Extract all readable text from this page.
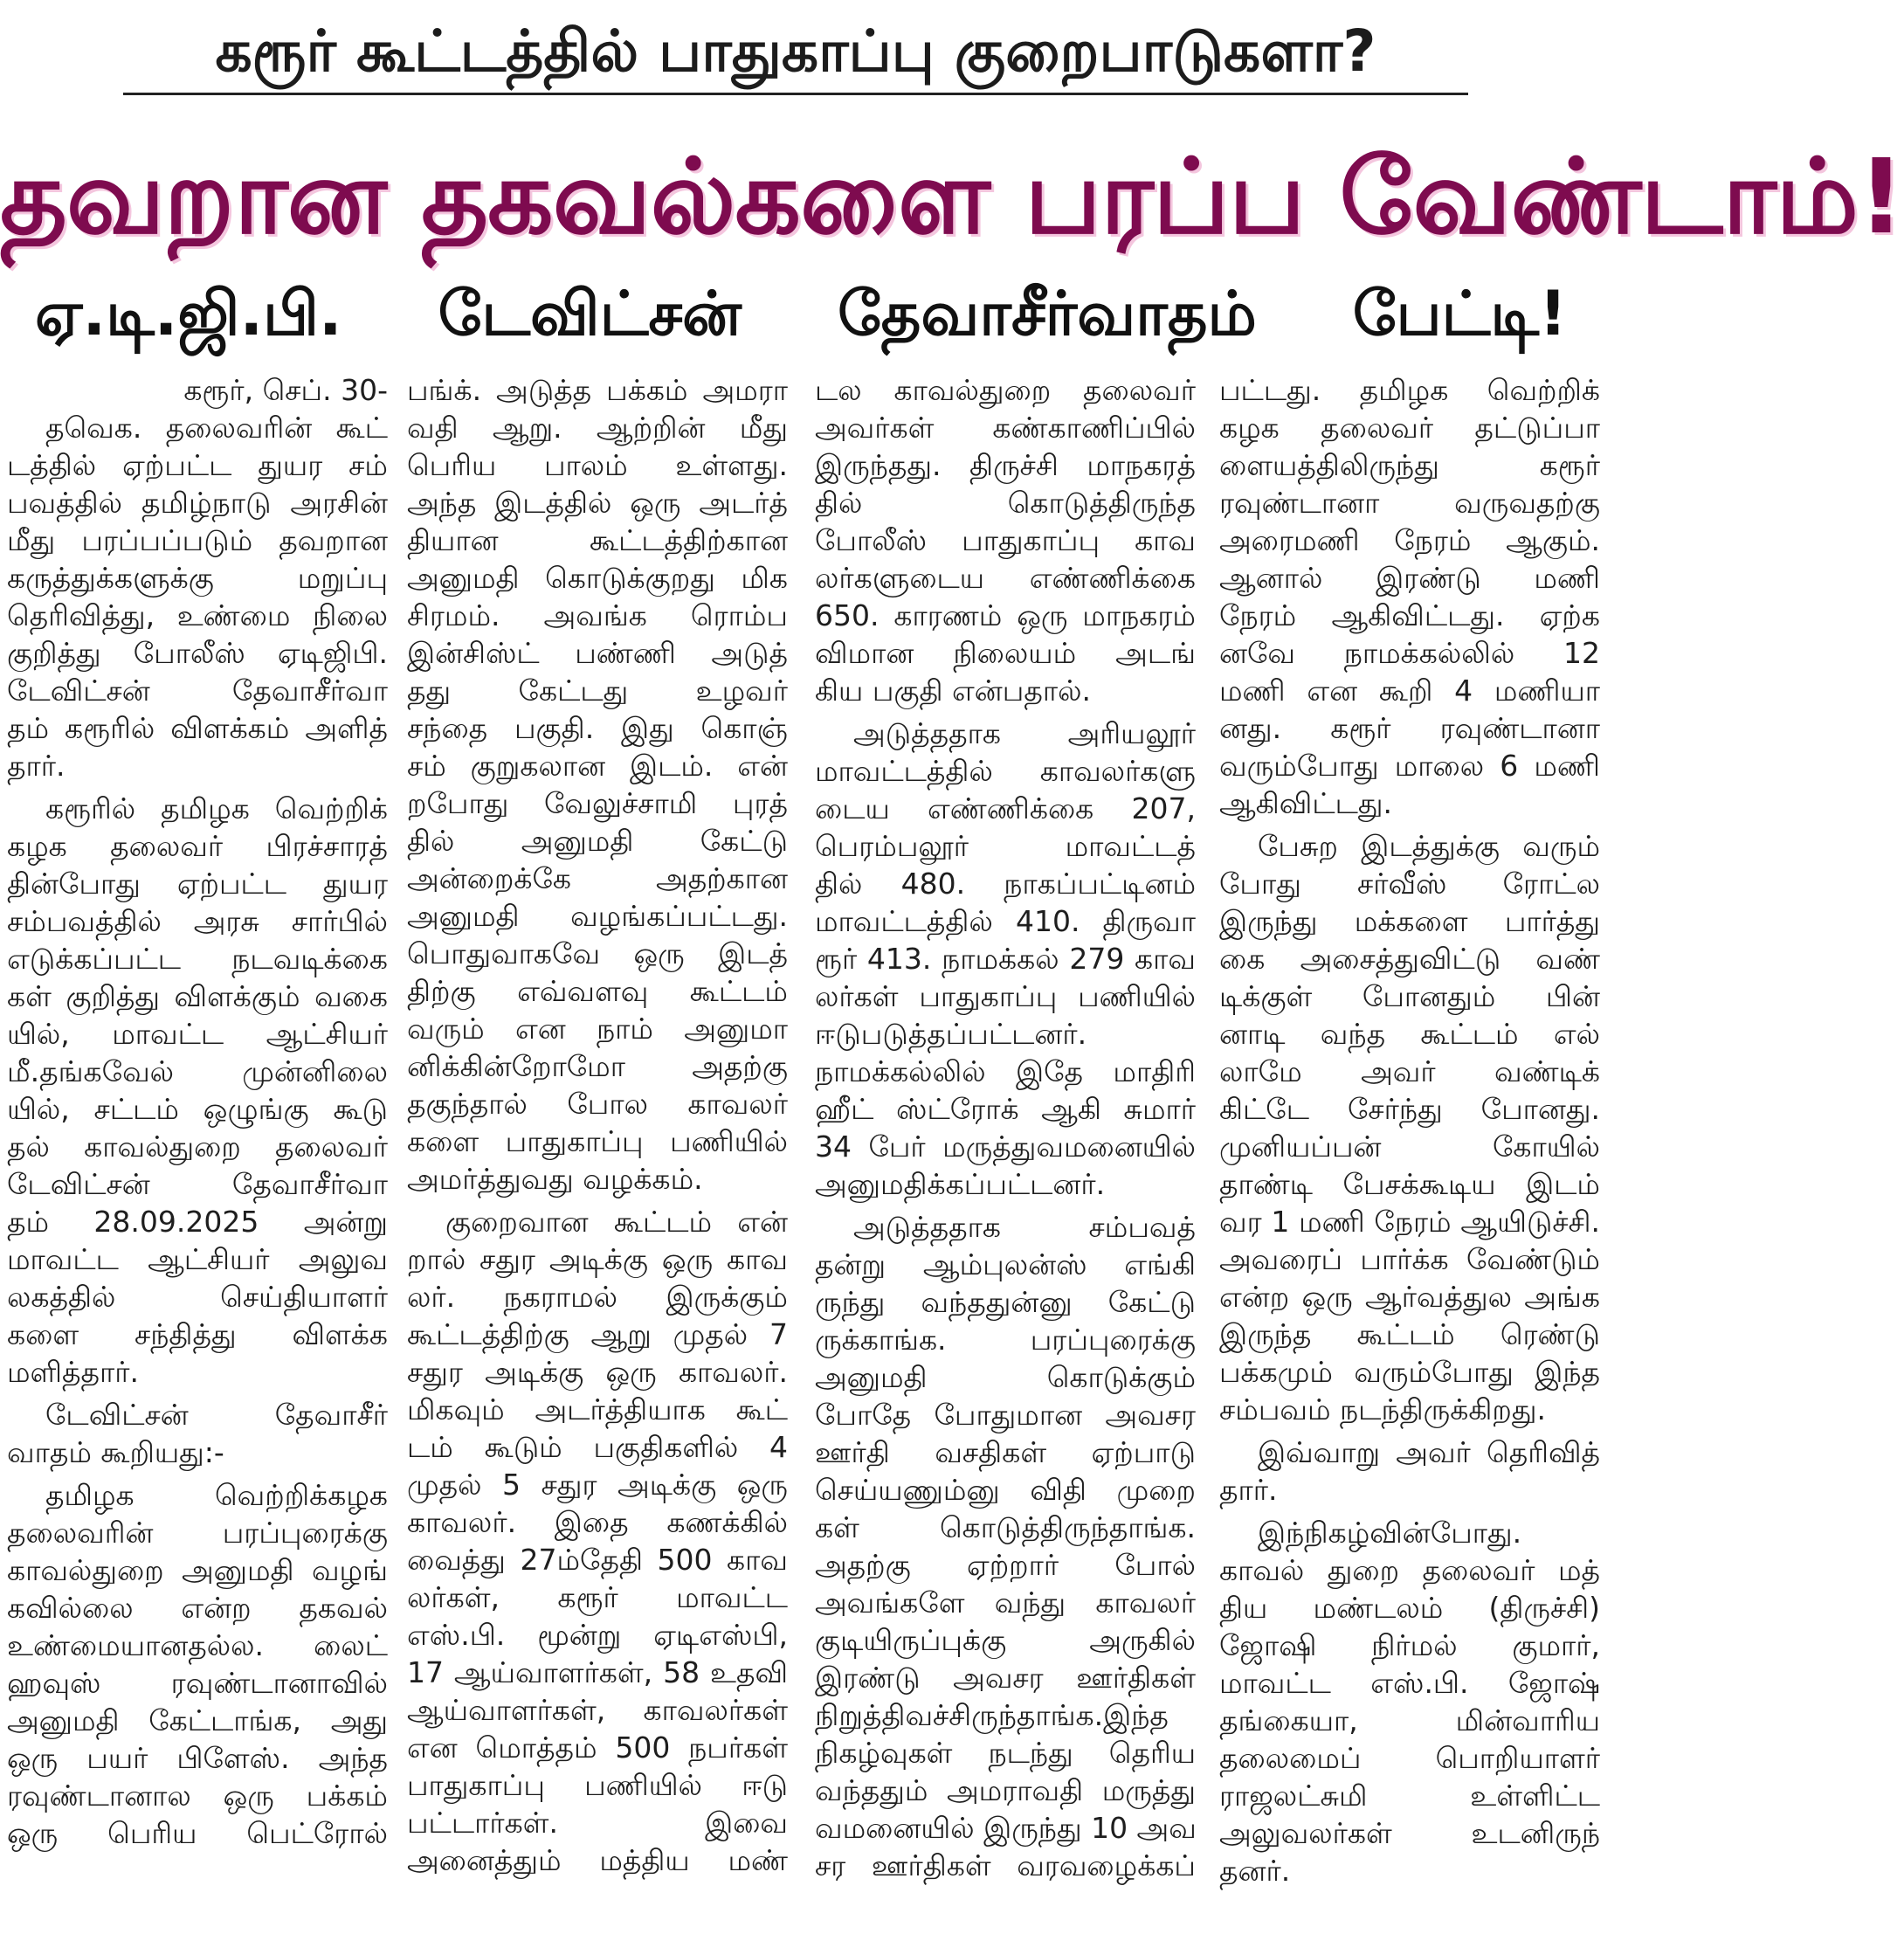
கரூர் கூட்டத்தில் பாதுகாப்பு குறைபாடுகளா?
தவறான தகவல்களை பரப்ப வேண்டாம்!
ஏ.டி.ஜி.பி. டேவிட்சன் தேவாசீர்வாதம் பேட்டி!
கரூர், செப். 30-
தவெக. தலைவரின் கூட்
டத்தில் ஏற்பட்ட துயர சம்
பவத்தில் தமிழ்நாடு அரசின்
மீது பரப்பப்படும் தவறான
கருத்துக்களுக்கு மறுப்பு
தெரிவித்து, உண்மை நிலை
குறித்து போலீஸ் ஏடிஜிபி.
டேவிட்சன் தேவாசீர்வா
தம் கரூரில் விளக்கம் அளித்
தார்.
கரூரில் தமிழக வெற்றிக்
கழக தலைவர் பிரச்சாரத்
தின்போது ஏற்பட்ட துயர
சம்பவத்தில் அரசு சார்பில்
எடுக்கப்பட்ட நடவடிக்கை
கள் குறித்து விளக்கும் வகை
யில், மாவட்ட ஆட்சியர்
மீ.தங்கவேல் முன்னிலை
யில், சட்டம் ஒழுங்கு கூடு
தல் காவல்துறை தலைவர்
டேவிட்சன் தேவாசீர்வா
தம் 28.09.2025 அன்று
மாவட்ட ஆட்சியர் அலுவ
லகத்தில் செய்தியாளர்
களை சந்தித்து விளக்க
மளித்தார்.
டேவிட்சன் தேவாசீர்
வாதம் கூறியது:-
தமிழக வெற்றிக்கழக
தலைவரின் பரப்புரைக்கு
காவல்துறை அனுமதி வழங்
கவில்லை என்ற தகவல்
உண்மையானதல்ல. லைட்
ஹவுஸ் ரவுண்டானாவில்
அனுமதி கேட்டாங்க, அது
ஒரு பயர் பிளேஸ். அந்த
ரவுண்டானால ஒரு பக்கம்
ஒரு பெரிய பெட்ரோல்
பங்க். அடுத்த பக்கம் அமரா
வதி ஆறு. ஆற்றின் மீது
பெரிய பாலம் உள்ளது.
அந்த இடத்தில் ஒரு அடர்த்
தியான கூட்டத்திற்கான
அனுமதி கொடுக்குறது மிக
சிரமம். அவங்க ரொம்ப
இன்சிஸ்ட் பண்ணி அடுத்
தது கேட்டது உழவர்
சந்தை பகுதி. இது கொஞ்
சம் குறுகலான இடம். என்
றபோது வேலுச்சாமி புரத்
தில் அனுமதி கேட்டு
அன்றைக்கே அதற்கான
அனுமதி வழங்கப்பட்டது.
பொதுவாகவே ஒரு இடத்
திற்கு எவ்வளவு கூட்டம்
வரும் என நாம் அனுமா
னிக்கின்றோமோ அதற்கு
தகுந்தால் போல காவலர்
களை பாதுகாப்பு பணியில்
அமர்த்துவது வழக்கம்.
குறைவான கூட்டம் என்
றால் சதுர அடிக்கு ஒரு காவ
லர். நகராமல் இருக்கும்
கூட்டத்திற்கு ஆறு முதல் 7
சதுர அடிக்கு ஒரு காவலர்.
மிகவும் அடர்த்தியாக கூட்
டம் கூடும் பகுதிகளில் 4
முதல் 5 சதுர அடிக்கு ஒரு
காவலர். இதை கணக்கில்
வைத்து 27ம்தேதி 500 காவ
லர்கள், கரூர் மாவட்ட
எஸ்.பி. மூன்று ஏடிஎஸ்பி,
17 ஆய்வாளர்கள், 58 உதவி
ஆய்வாளர்கள், காவலர்கள்
என மொத்தம் 500 நபர்கள்
பாதுகாப்பு பணியில் ஈடு
பட்டார்கள். இவை
அனைத்தும் மத்திய மண்
டல காவல்துறை தலைவர்
அவர்கள் கண்காணிப்பில்
இருந்தது. திருச்சி மாநகரத்
தில் கொடுத்திருந்த
போலீஸ் பாதுகாப்பு காவ
லர்களுடைய எண்ணிக்கை
650. காரணம் ஒரு மாநகரம்
விமான நிலையம் அடங்
கிய பகுதி என்பதால்.
அடுத்ததாக அரியலூர்
மாவட்டத்தில் காவலர்களு
டைய எண்ணிக்கை 207,
பெரம்பலூர் மாவட்டத்
தில் 480. நாகப்பட்டினம்
மாவட்டத்தில் 410. திருவா
ரூர் 413. நாமக்கல் 279 காவ
லர்கள் பாதுகாப்பு பணியில்
ஈடுபடுத்தப்பட்டனர்.
நாமக்கல்லில் இதே மாதிரி
ஹீட் ஸ்ட்ரோக் ஆகி சுமார்
34 பேர் மருத்துவமனையில்
அனுமதிக்கப்பட்டனர்.
அடுத்ததாக சம்பவத்
தன்று ஆம்புலன்ஸ் எங்கி
ருந்து வந்ததுன்னு கேட்டு
ருக்காங்க. பரப்புரைக்கு
அனுமதி கொடுக்கும்
போதே போதுமான அவசர
ஊர்தி வசதிகள் ஏற்பாடு
செய்யணும்னு விதி முறை
கள் கொடுத்திருந்தாங்க.
அதற்கு ஏற்றார் போல்
அவங்களே வந்து காவலர்
குடியிருப்புக்கு அருகில்
இரண்டு அவசர ஊர்திகள்
நிறுத்திவச்சிருந்தாங்க.இந்த
நிகழ்வுகள் நடந்து தெரிய
வந்ததும் அமராவதி மருத்து
வமனையில் இருந்து 10 அவ
சர ஊர்திகள் வரவழைக்கப்
பட்டது. தமிழக வெற்றிக்
கழக தலைவர் தட்டுப்பா
ளையத்திலிருந்து கரூர்
ரவுண்டானா வருவதற்கு
அரைமணி நேரம் ஆகும்.
ஆனால் இரண்டு மணி
நேரம் ஆகிவிட்டது. ஏற்க
னவே நாமக்கல்லில் 12
மணி என கூறி 4 மணியா
னது. கரூர் ரவுண்டானா
வரும்போது மாலை 6 மணி
ஆகிவிட்டது.
பேசுற இடத்துக்கு வரும்
போது சர்வீஸ் ரோட்ல
இருந்து மக்களை பார்த்து
கை அசைத்துவிட்டு வண்
டிக்குள் போனதும் பின்
னாடி வந்த கூட்டம் எல்
லாமே அவர் வண்டிக்
கிட்டே சேர்ந்து போனது.
முனியப்பன் கோயில்
தாண்டி பேசக்கூடிய இடம்
வர 1 மணி நேரம் ஆயிடுச்சி.
அவரைப் பார்க்க வேண்டும்
என்ற ஒரு ஆர்வத்துல அங்க
இருந்த கூட்டம் ரெண்டு
பக்கமும் வரும்போது இந்த
சம்பவம் நடந்திருக்கிறது.
இவ்வாறு அவர் தெரிவித்
தார்.
இந்நிகழ்வின்போது.
காவல் துறை தலைவர் மத்
திய மண்டலம் (திருச்சி)
ஜோஷி நிர்மல் குமார்,
மாவட்ட எஸ்.பி. ஜோஷ்
தங்கையா, மின்வாரிய
தலைமைப் பொறியாளர்
ராஜலட்சுமி உள்ளிட்ட
அலுவலர்கள் உடனிருந்
தனர்.
